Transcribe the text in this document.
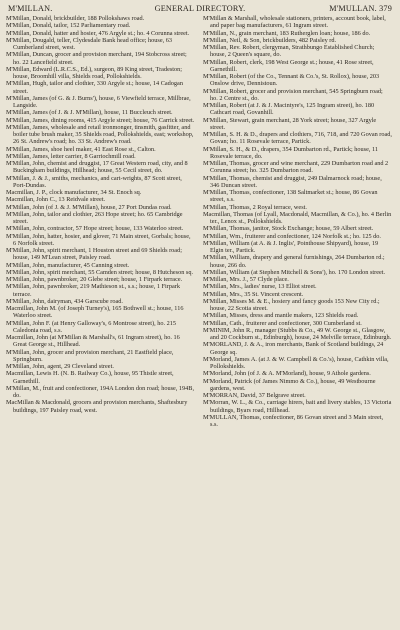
M'MILLAN.	GENERAL DIRECTORY.	M'MULLAN. 379

M'Millan, Donald, brickbuilder, 188 Pollokshaws road.

M'Millan, Donald, tailor, 152 Parliamentary road.

M'Millan, Donald, hatter and hosier, 476 Argyle st.; ho. 4 Corunna street.

M'Millan, Dougald, teller, Clydesdale Bank head office; house, 63 Cumberland street, west.

M'Millan, Duncan, grocer and provision merchant, 194 Stobcross street; ho. 22 Lancefield street.

M'Millan, Edward (L.R.C.S., Ed.), surgeon, 89 King street, Tradeston; house, Broomhill villa, Shields road, Pollokshields.

M'Millan, Hugh, tailor and clothier, 330 Argyle st.; house, 14 Cadogan street.

M'Millan, James (of G. & J. Burns'), house, 6 Viewfield terrace, Millbrae, Langside.

M'Millan, James (of J. & J. M'Millan), house, 11 Buccleuch street.

M'Millan, James, dining rooms, 415 Argyle street; house, 76 Carrick street.

M'Millan, James, wholesale and retail ironmonger, tinsmith, gasfitter, and boiler tube brush maker, 35 Shields road, Pollokshields, east; workshop, 26 St. Andrew's road; ho. 33 St. Andrew's road.

M'Millan, James, shoe heel maker, 41 East Rose st., Calton.

M'Millan, James, letter carrier, 8 Garriochmill road.

M'Millan, John, chemist and druggist, 17 Great Western road, city, and 8 Buckingham buildings, Hillhead; house, 55 Cecil street, do.

M'Millan, J. & J., smiths, mechanics, and cart-wrights, 87 Scott street, Port-Dundas.

Macmillan, J. P., clock manufacturer, 34 St. Enoch sq.

Macmillan, John C., 13 Reidvale street.

M'Millan, John (of J. & J. M'Millan), house, 27 Port Dundas road.

M'Millan, John, tailor and clothier, 263 Hope street; ho. 65 Cambridge street.

M'Millan, John, contractor, 57 Hope street; house, 133 Waterloo street.

M'Millan, John, hatter, hosier, and glover, 71 Main street, Gorbals; house, 6 Norfolk street.

M'Millan, John, spirit merchant, 1 Houston street and 69 Shields road; house, 149 M'Lean street, Paisley road.

M'Millan, John, manufacturer, 45 Canning street.

M'Millan, John, spirit merchant, 55 Camden street; house, 8 Hutcheson sq.

M'Millan, John, pawnbroker, 20 Glebe street; house, 1 Firpark terrace.

M'Millan, John, pawnbroker, 219 Mathieson st., s.s.; house, 1 Firpark terrace.

M'Millan, John, dairyman, 434 Garscube road.

Macmillan, John M. (of Joseph Turney's), 165 Bothwell st.; house, 116 Waterloo street.

M'Millan, John F. (at Henry Galloway's, 6 Montrose street), ho. 215 Caledonia road, s.s.

Macmillan, John (at M'Millan & Marshall's, 61 Ingram street), ho. 16 Great George st., Hillhead.

M'Millan, John, grocer and provision merchant, 21 Eastfield place, Springburn.

M'Millan, John, agent, 29 Cleveland street.

Macmillan, Lewis H. (N. B. Railway Co.), house, 95 Thistle street, Garnethill.

M'Millan, M., fruit and confectioner, 194A London don road; house, 194B, do.

MacMillan & Macdonald, grocers and provision merchants, Shaftesbury buildings, 197 Paisley road, west.

M'Millan & Marshall, wholesale stationers, printers, account book, label, and paper bag manufacturers, 61 Ingram street.

M'Millan, N., grain merchant, 183 Rutherglen loan; house, 186 do.

M'Millan, Neil, & Son, brickbuilders, 482 Paisley rd.

M'Millan, Rev. Robert, clergyman, Strathbungo Established Church; house, 2 Queen's square, do.

M'Millan, Robert, clerk, 198 West George st.; house, 41 Rose street, Garnethill.

M'Millan, Robert (of the Co., Tennant & Co.'s, St. Rollox), house, 203 Onslow drive, Dennistoun.

M'Millan, Robert, grocer and provision merchant, 545 Springburn road; ho. 2 Centre st., do.

M'Millan, Robert (at J. & J. Macintyre's, 125 Ingram street), ho. 180 Cathcart road, Govanhill.

M'Millan, Stewart, grain merchant, 28 York street; house, 327 Argyle street.

M'Millan, S. H. & D., drapers and clothiers, 716, 718, and 720 Govan road, Govan; ho. 11 Rosevale terrace, Partick.

M'Millan, S. H., & D., drapers, 354 Dumbarton rd., Partick; house, 11 Rosevale terrace, do.

M'Millan, Thomas, grocer and wine merchant, 229 Dumbarton road and 2 Corunna street; ho. 325 Dumbarton road.

M'Millan, Thomas, chemist and druggist, 249 Dalmarnock road; house, 346 Duncan street.

M'Millan, Thomas, confectioner, 138 Saltmarket st.; house, 86 Govan street, s.s.

M'Millan, Thomas, 2 Royal terrace, west.

Macmillan, Thomas (of Lyall, Macdonald, Macmillan, & Co.), ho. 4 Berlin ter., Lenox st., Pollokshields.

M'Millan, Thomas, janitor, Stock Exchange; house, 59 Albert street.

M'Millan, Wm., fruiterer and confectioner, 124 Norfolk st.; ho. 125 do.

M'Millan, William (at A. & J. Inglis', Pointhouse Shipyard), house, 19 Elgin ter., Partick.

M'Millan, William, drapery and general furnishings, 264 Dumbarton rd.; house, 266 do.

M'Millan, William (at Stephen Mitchell & Sons'), ho. 170 London street.

M'Millan, Mrs. J., 57 Clyde place.

M'Millan, Mrs., ladies' nurse, 13 Elliot street.

M'Millan, Mrs., 35 St. Vincent crescent.

M'Millan, Misses M. & E., hosiery and fancy goods 153 New City rd.; house, 22 Scotia street.

M'Millan, Misses, dress and mantle makers, 123 Shields road.

M'Millan, Cath., fruiterer and confectioner, 300 Cumberland st.

M'MINIM, John R., manager (Stubbs & Co., 49 W. George st., Glasgow, and 20 Cockburn st., Edinburgh), house, 24 Melville terrace, Edinburgh.

M'MORLAND, J. & A., iron merchants, Bank of Scotland buildings, 24 George sq.

M'Morland, James A. (at J. & W. Campbell & Co.'s), house, Cathkin villa, Pollokshields.

M'Morland, John (of J. & A. M'Morland), house, 9 Athole gardens.

M'Morland, Patrick (of James Nimmo & Co.), house, 49 Westbourne gardens, west.

M'MORRAN, David, 37 Belgrave street.

M'Morran, W. L., & Co., carriage hirers, bait and livery stables, 13 Victoria buildings, Byars road, Hillhead.

M'MULLAN, Thomas, confectioner, 86 Govan street and 3 Main street, s.s.
